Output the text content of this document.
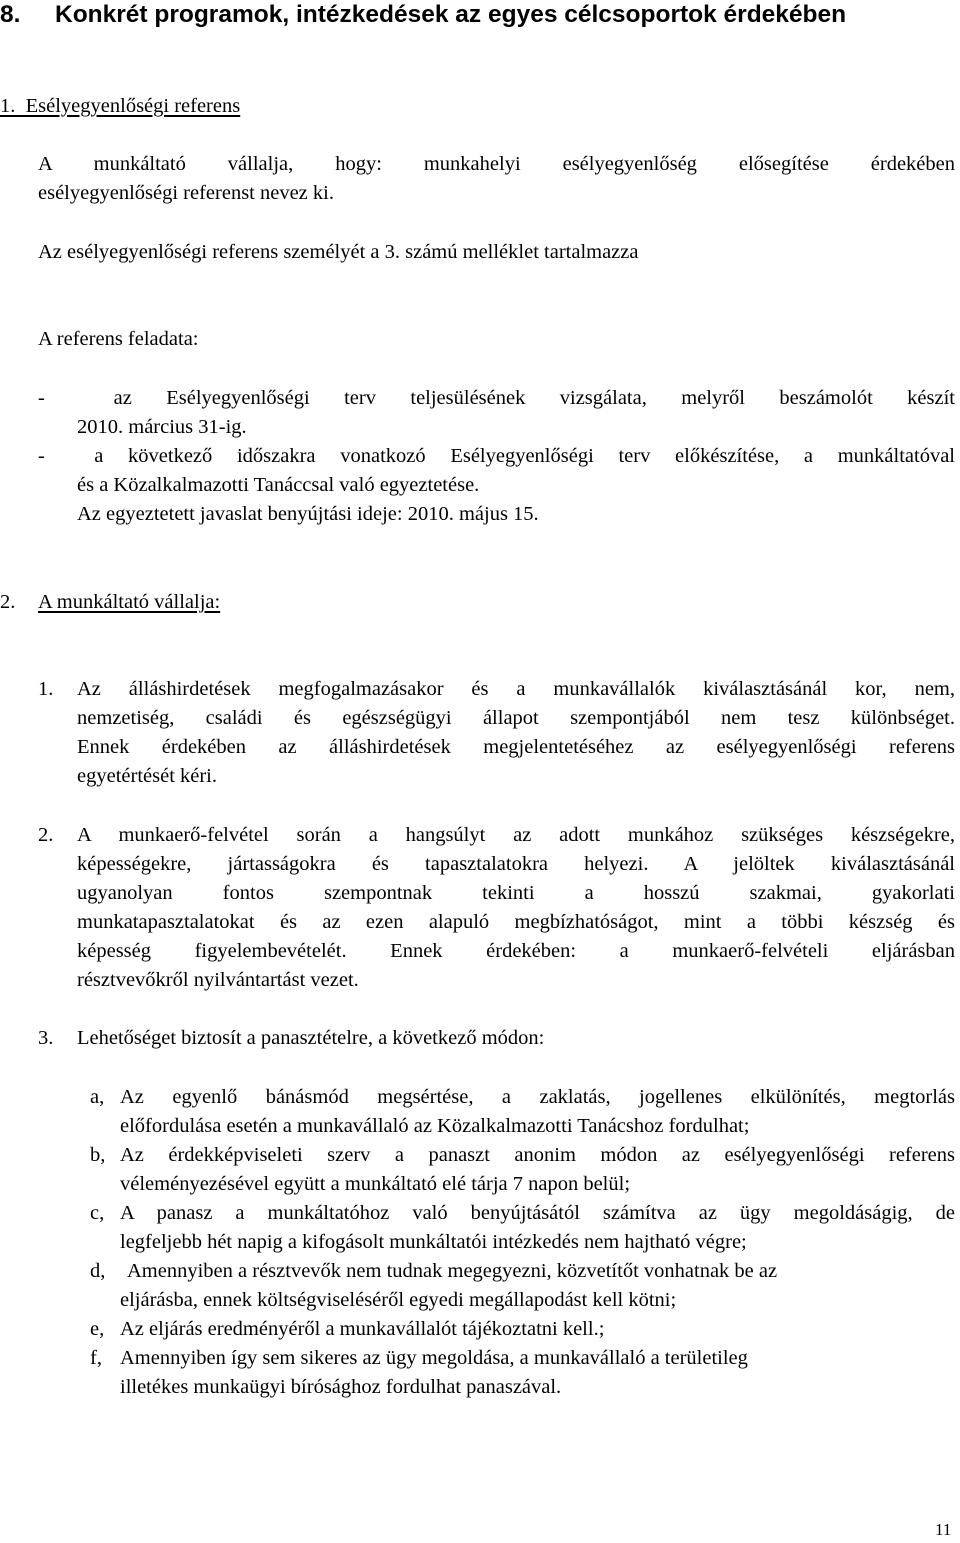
8. Konkrét programok, intézkedések az egyes célcsoportok érdekében
1.  Esélyegyenlőségi referens
A munkáltató vállalja, hogy: munkahelyi esélyegyenlőség elősegítése érdekében
esélyegyenlőségi referenst nevez ki.
Az esélyegyenlőségi referens személyét a 3. számú melléklet tartalmazza
A referens feladata:
-  az Esélyegyenlőségi terv teljesülésének vizsgálata, melyről beszámolót készít
2010. március 31-ig.
-  a következő időszakra vonatkozó Esélyegyenlőségi terv előkészítése, a munkáltatóval
és a Közalkalmazotti Tanáccsal való egyeztetése.
Az egyeztetett javaslat benyújtási ideje: 2010. május 15.
2. A munkáltató vállalja:
1. Az álláshirdetések megfogalmazásakor és a munkavállalók kiválasztásánál kor, nem,
nemzetiség, családi és egészségügyi állapot szempontjából nem tesz különbséget.
Ennek érdekében az álláshirdetések megjelentetéséhez az esélyegyenlőségi referens
egyetértését kéri.
2. A munkaerő-felvétel során a hangsúlyt az adott munkához szükséges készségekre,
képességekre, jártasságokra és tapasztalatokra helyezi. A jelöltek kiválasztásánál
ugyanolyan fontos szempontnak tekinti a hosszú szakmai, gyakorlati
munkatapasztalatokat és az ezen alapuló megbízhatóságot, mint a többi készség és
képesség figyelembevételét. Ennek érdekében: a munkaerő-felvételi eljárásban
résztvevőkről nyilvántartást vezet.
3. Lehetőséget biztosít a panasztételre, a következő módon:
a, Az egyenlő bánásmód megsértése, a zaklatás, jogellenes elkülönítés, megtorlás
előfordulása esetén a munkavállaló az Közalkalmazotti Tanácshoz fordulhat;
b, Az érdekképviseleti szerv a panaszt anonim módon az esélyegyenlőségi referens
véleményezésével együtt a munkáltató elé tárja 7 napon belül;
c, A panasz a munkáltatóhoz való benyújtásától számítva az ügy megoldáságig, de
legfeljebb hét napig a kifogásolt munkáltatói intézkedés nem hajtható végre;
d, Amennyiben a résztvevők nem tudnak megegyezni, közvetítőt vonhatnak be az
eljárásba, ennek költségviseléséről egyedi megállapodást kell kötni;
e, Az eljárás eredményéről a munkavállalót tájékoztatni kell.;
f, Amennyiben így sem sikeres az ügy megoldása, a munkavállaló a területileg
illetékes munkaügyi bírósághoz fordulhat panaszával.
11
